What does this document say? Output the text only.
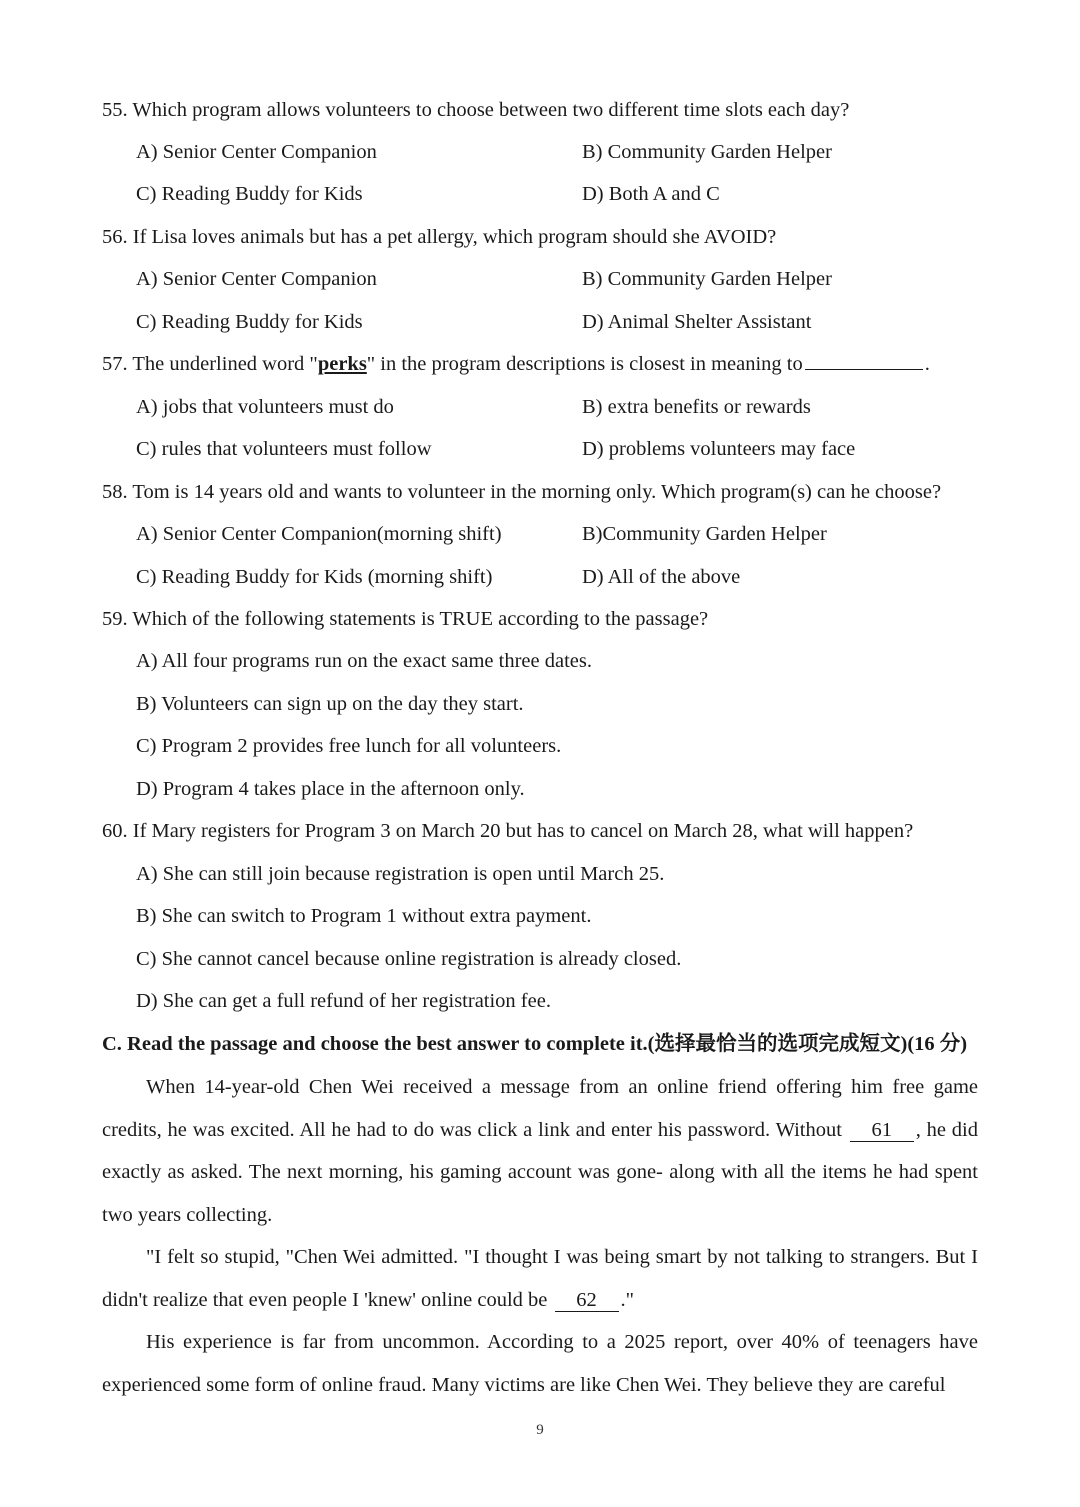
55. Which program allows volunteers to choose between two different time slots each day?
A) Senior Center Companion	B) Community Garden Helper
C) Reading Buddy for Kids	D) Both A and C
56. If Lisa loves animals but has a pet allergy, which program should she AVOID?
A) Senior Center Companion	B) Community Garden Helper
C) Reading Buddy for Kids	D) Animal Shelter Assistant
57. The underlined word "perks" in the program descriptions is closest in meaning to	.
A) jobs that volunteers must do	B) extra benefits or rewards
C) rules that volunteers must follow	D) problems volunteers may face
58. Tom is 14 years old and wants to volunteer in the morning only. Which program(s) can he choose?
A) Senior Center Companion(morning shift)	B)Community Garden Helper
C) Reading Buddy for Kids (morning shift)	D) All of the above
59. Which of the following statements is TRUE according to the passage?
A) All four programs run on the exact same three dates.
B) Volunteers can sign up on the day they start.
C) Program 2 provides free lunch for all volunteers.
D) Program 4 takes place in the afternoon only.
60. If Mary registers for Program 3 on March 20 but has to cancel on March 28, what will happen?
A) She can still join because registration is open until March 25.
B) She can switch to Program 1 without extra payment.
C) She cannot cancel because online registration is already closed.
D) She can get a full refund of her registration fee.
C. Read the passage and choose the best answer to complete it.(选择最恰当的选项完成短文)(16 分)
When 14-year-old Chen Wei received a message from an online friend offering him free game credits, he was excited. All he had to do was click a link and enter his password. Without 61 , he did exactly as asked. The next morning, his gaming account was gone- along with all the items he had spent two years collecting.
"I felt so stupid, "Chen Wei admitted. "I thought I was being smart by not talking to strangers. But I didn't realize that even people I 'knew' online could be 62 ."
His experience is far from uncommon. According to a 2025 report, over 40% of teenagers have experienced some form of online fraud. Many victims are like Chen Wei. They believe they are careful
9
